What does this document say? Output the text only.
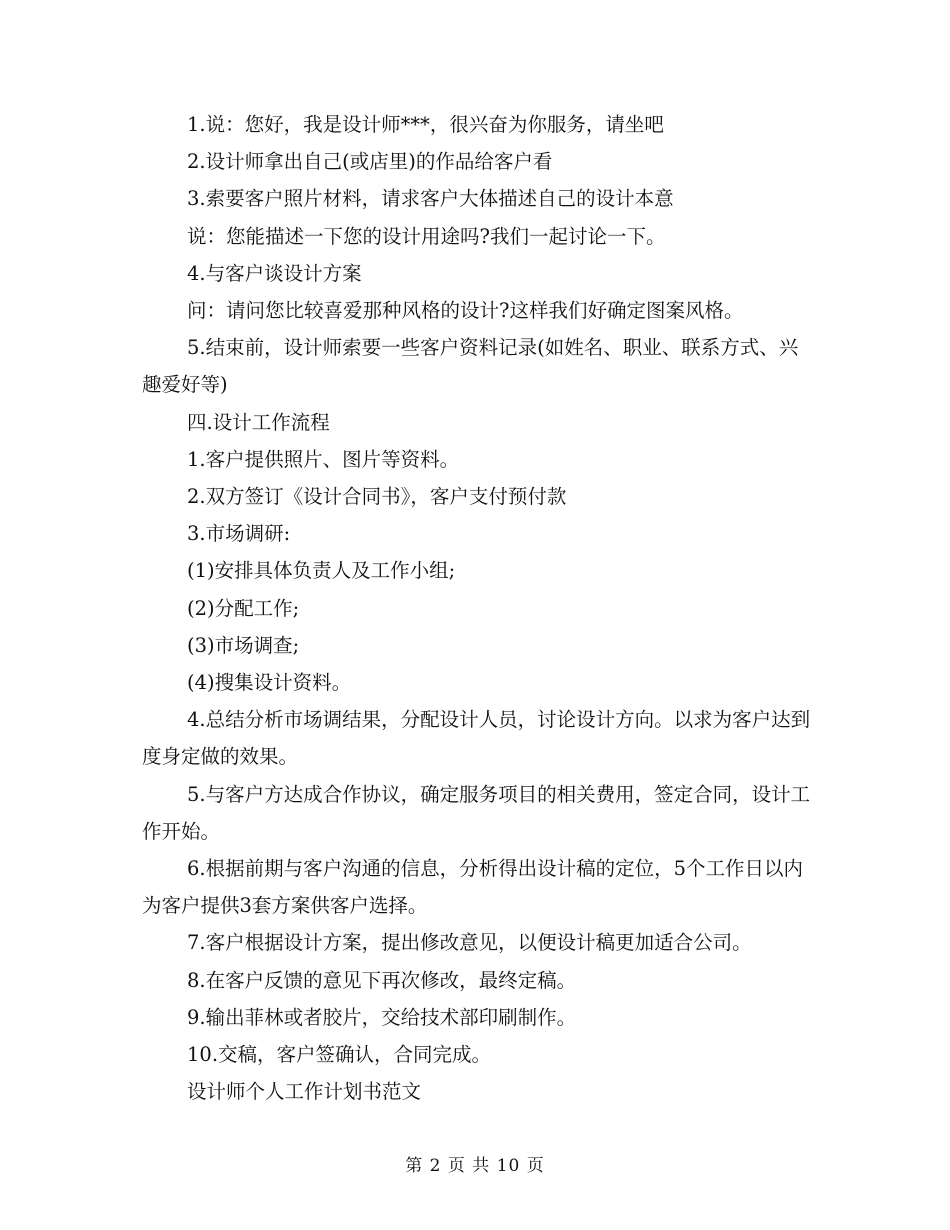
1.说：您好，我是设计师***，很兴奋为你服务，请坐吧

2.设计师拿出自己(或店里)的作品给客户看

3.索要客户照片材料，请求客户大体描述自己的设计本意

说：您能描述一下您的设计用途吗?我们一起讨论一下。

4.与客户谈设计方案

问：请问您比较喜爱那种风格的设计?这样我们好确定图案风格。

5.结束前，设计师索要一些客户资料记录(如姓名、职业、联系方式、兴趣爱好等)

四.设计工作流程

1.客户提供照片、图片等资料。

2.双方签订《设计合同书》，客户支付预付款

3.市场调研:

(1)安排具体负责人及工作小组;

(2)分配工作;

(3)市场调查;

(4)搜集设计资料。

4.总结分析市场调结果，分配设计人员，讨论设计方向。以求为客户达到度身定做的效果。

5.与客户方达成合作协议，确定服务项目的相关费用，签定合同，设计工作开始。

6.根据前期与客户沟通的信息，分析得出设计稿的定位，5个工作日以内为客户提供3套方案供客户选择。

7.客户根据设计方案，提出修改意见，以便设计稿更加适合公司。

8.在客户反馈的意见下再次修改，最终定稿。

9.输出菲林或者胶片，交给技术部印刷制作。

10.交稿，客户签确认，合同完成。

设计师个人工作计划书范文

第 2 页 共 10 页
